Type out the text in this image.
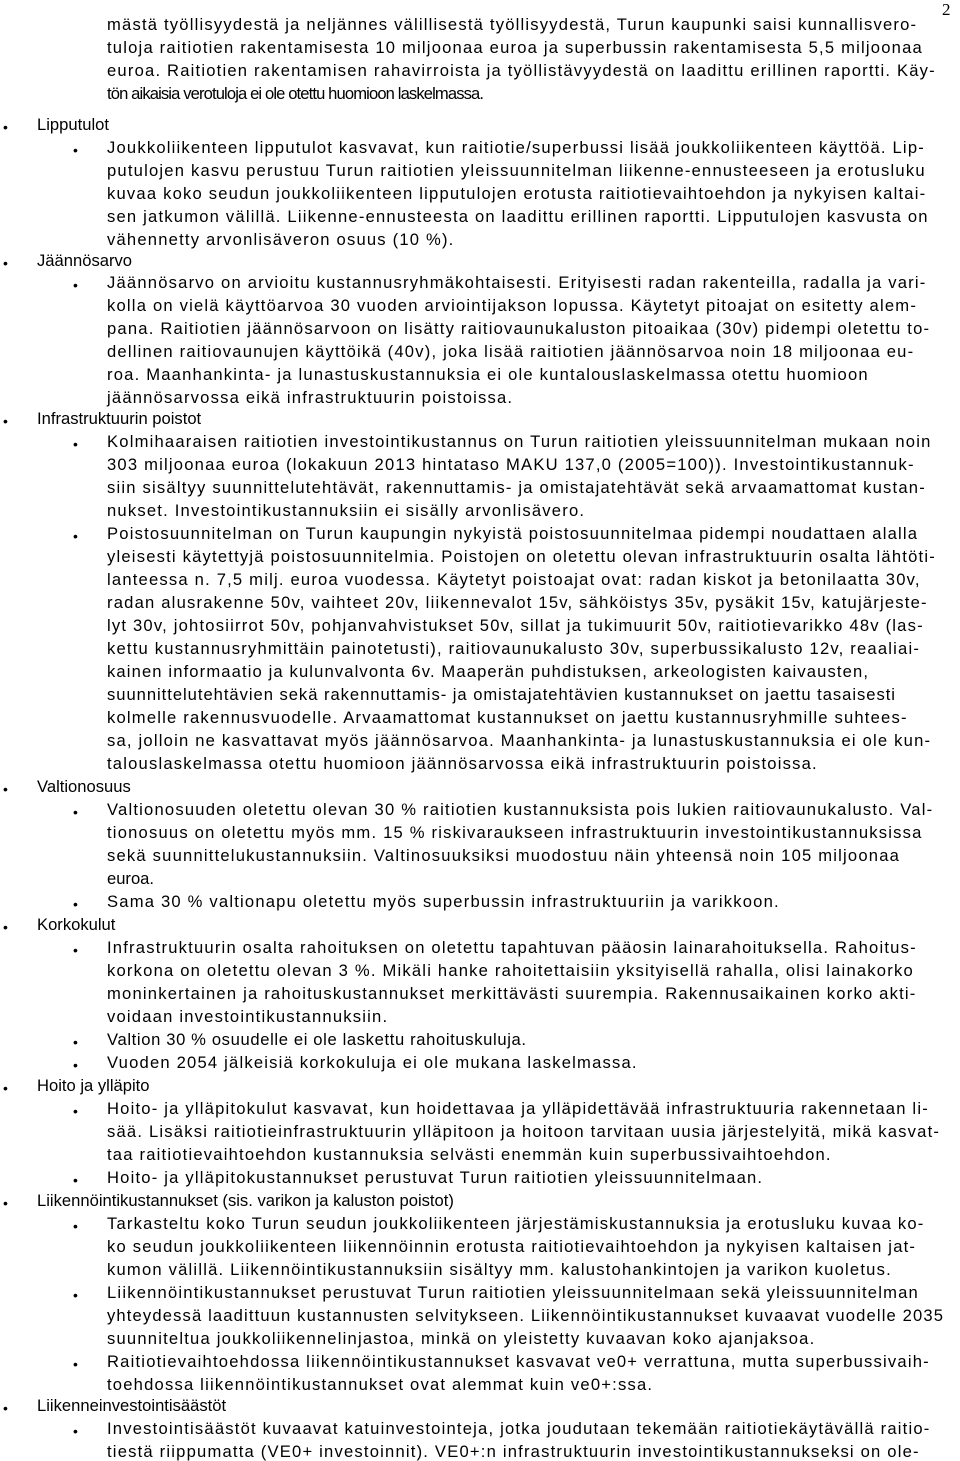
2
mästä työllisyydestä ja neljännes välillisestä työllisyydestä, Turun kaupunki saisi kunnallisvero-
tuloja raitiotien rakentamisesta 10 miljoonaa euroa ja superbussin rakentamisesta 5,5 miljoonaa
euroa. Raitiotien rakentamisen rahavirroista ja työllistävyydestä on laadittu erillinen raportti. Käy-
tön aikaisia verotuloja ei ole otettu huomioon laskelmassa.
• Lipputulot
• Joukkoliikenteen lipputulot kasvavat, kun raitiotie/superbussi lisää joukkoliikenteen käyttöä. Lip-
putulojen kasvu perustuu Turun raitiotien yleissuunnitelman liikenne-ennusteeseen ja erotusluku
kuvaa koko seudun joukkoliikenteen lipputulojen erotusta raitiotievaihtoehdon ja nykyisen kaltai-
sen jatkumon välillä. Liikenne-ennusteesta on laadittu erillinen raportti. Lipputulojen kasvusta on
vähennetty arvonlisäveron osuus (10 %).
• Jäännösarvo
• Jäännösarvo on arvioitu kustannusryhmäkohtaisesti. Erityisesti radan rakenteilla, radalla ja vari-
kolla on vielä käyttöarvoa 30 vuoden arviointijakson lopussa. Käytetyt pitoajat on esitetty alem-
pana. Raitiotien jäännösarvoon on lisätty raitiovaunukaluston pitoaikaa (30v) pidempi oletettu to-
dellinen raitiovaunujen käyttöikä (40v), joka lisää raitiotien jäännösarvoa noin 18 miljoonaa eu-
roa. Maanhankinta- ja lunastuskustannuksia ei ole kuntalouslaskelmassa otettu huomioon
jäännösarvossa eikä infrastruktuurin poistoissa.
• Infrastruktuurin poistot
• Kolmihaaraisen raitiotien investointikustannus on Turun raitiotien yleissuunnitelman mukaan noin
303 miljoonaa euroa (lokakuun 2013 hintataso MAKU 137,0 (2005=100)). Investointikustannuk-
siin sisältyy suunnittelutehtävät, rakennuttamis- ja omistajatehtävät sekä arvaamattomat kustan-
nukset. Investointikustannuksiin ei sisälly arvonlisävero.
• Poistosuunnitelman on Turun kaupungin nykyistä poistosuunnitelmaa pidempi noudattaen alalla
yleisesti käytettyjä poistosuunnitelmia. Poistojen on oletettu olevan infrastruktuurin osalta lähtöti-
lanteessa n. 7,5 milj. euroa vuodessa. Käytetyt poistoajat ovat: radan kiskot ja betonilaatta 30v,
radan alusrakenne 50v, vaihteet 20v, liikennevalot 15v, sähköistys 35v, pysäkit 15v, katujärjeste-
lyt 30v, johtosiirrot 50v, pohjanvahvistukset 50v, sillat ja tukimuurit 50v, raitiotievarikko 48v (las-
kettu kustannusryhmittäin painotetusti), raitiovaunukalusto 30v, superbussikalusto 12v, reaaliai-
kainen informaatio ja kulunvalvonta 6v. Maaperän puhdistuksen, arkeologisten kaivausten,
suunnittelutehtävien sekä rakennuttamis- ja omistajatehtävien kustannukset on jaettu tasaisesti
kolmelle rakennusvuodelle. Arvaamattomat kustannukset on jaettu kustannusryhmille suhtees-
sa, jolloin ne kasvattavat myös jäännösarvoa. Maanhankinta- ja lunastuskustannuksia ei ole kun-
talouslaskelmassa otettu huomioon jäännösarvossa eikä infrastruktuurin poistoissa.
• Valtionosuus
• Valtionosuuden oletettu olevan 30 % raitiotien kustannuksista pois lukien raitiovaunukalusto. Val-
tionosuus on oletettu myös mm. 15 % riskivaraukseen infrastruktuurin investointikustannuksissa
sekä suunnittelukustannuksiin. Valtinosuuksiksi muodostuu näin yhteensä noin 105 miljoonaa
euroa.
• Sama 30 % valtionapu oletettu myös superbussin infrastruktuuriin ja varikkoon.
• Korkokulut
• Infrastruktuurin osalta rahoituksen on oletettu tapahtuvan pääosin lainarahoituksella. Rahoitus-
korkona on oletettu olevan 3 %. Mikäli hanke rahoitettaisiin yksityisellä rahalla, olisi lainakorko
moninkertainen ja rahoituskustannukset merkittävästi suurempia. Rakennusaikainen korko akti-
voidaan investointikustannuksiin.
• Valtion 30 % osuudelle ei ole laskettu rahoituskuluja.
• Vuoden 2054 jälkeisiä korkokuluja ei ole mukana laskelmassa.
• Hoito ja ylläpito
• Hoito- ja ylläpitokulut kasvavat, kun hoidettavaa ja ylläpidettävää infrastruktuuria rakennetaan li-
sää. Lisäksi raitiotieinfrastruktuurin ylläpitoon ja hoitoon tarvitaan uusia järjestelyitä, mikä kasvat-
taa raitiotievaihtoehdon kustannuksia selvästi enemmän kuin superbussivaihtoehdon.
• Hoito- ja ylläpitokustannukset perustuvat Turun raitiotien yleissuunnitelmaan.
• Liikennöintikustannukset (sis. varikon ja kaluston poistot)
• Tarkasteltu koko Turun seudun joukkoliikenteen järjestämiskustannuksia ja erotusluku kuvaa ko-
ko seudun joukkoliikenteen liikennöinnin erotusta raitiotievaihtoehdon ja nykyisen kaltaisen jat-
kumon välillä. Liikennöintikustannuksiin sisältyy mm. kalustohankintojen ja varikon kuoletus.
• Liikennöintikustannukset perustuvat Turun raitiotien yleissuunnitelmaan sekä yleissuunnitelman
yhteydessä laadittuun kustannusten selvitykseen. Liikennöintikustannukset kuvaavat vuodelle 2035
suunniteltua joukkoliikennelinjastoa, minkä on yleistetty kuvaavan koko ajanjaksoa.
• Raitiotievaihtoehdossa liikennöintikustannukset kasvavat ve0+ verrattuna, mutta superbussivaih-
toehdossa liikennöintikustannukset ovat alemmat kuin ve0+:ssa.
• Liikenneinvestointisäästöt
• Investointisäästöt kuvaavat katuinvestointeja, jotka joudutaan tekemään raitiotiekäytävällä raitio-
tiestä riippumatta (VE0+ investoinnit). VE0+:n infrastruktuurin investointikustannukseksi on ole-
